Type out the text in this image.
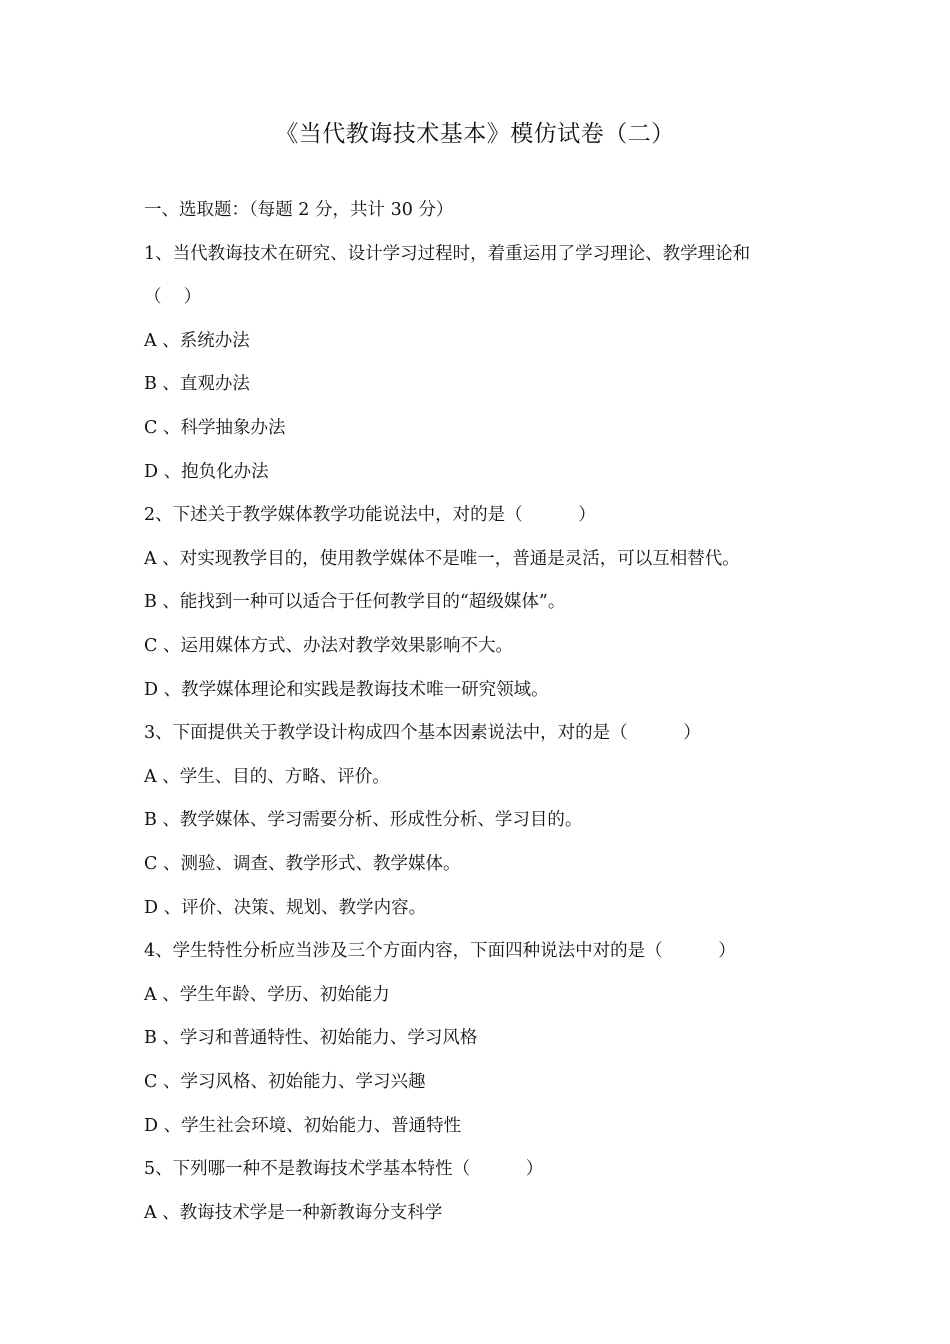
《当代教诲技术基本》模仿试卷（二）
一、选取题：（每题 2 分，共计 30 分）
1、当代教诲技术在研究、设计学习过程时，着重运用了学习理论、教学理论和
（    ）
A 、系统办法
B 、直观办法
C 、科学抽象办法
D 、抱负化办法
2、下述关于教学媒体教学功能说法中，对的是（          ）
A 、对实现教学目的，使用教学媒体不是唯一，普通是灵活，可以互相替代。
B 、能找到一种可以适合于任何教学目的“超级媒体”。
C 、运用媒体方式、办法对教学效果影响不大。
D 、教学媒体理论和实践是教诲技术唯一研究领域。
3、下面提供关于教学设计构成四个基本因素说法中，对的是（          ）
A 、学生、目的、方略、评价。
B 、教学媒体、学习需要分析、形成性分析、学习目的。
C 、测验、调查、教学形式、教学媒体。
D 、评价、决策、规划、教学内容。
4、学生特性分析应当涉及三个方面内容，下面四种说法中对的是（          ）
A 、学生年龄、学历、初始能力
B 、学习和普通特性、初始能力、学习风格
C 、学习风格、初始能力、学习兴趣
D 、学生社会环境、初始能力、普通特性
5、下列哪一种不是教诲技术学基本特性（          ）
A 、教诲技术学是一种新教诲分支科学
